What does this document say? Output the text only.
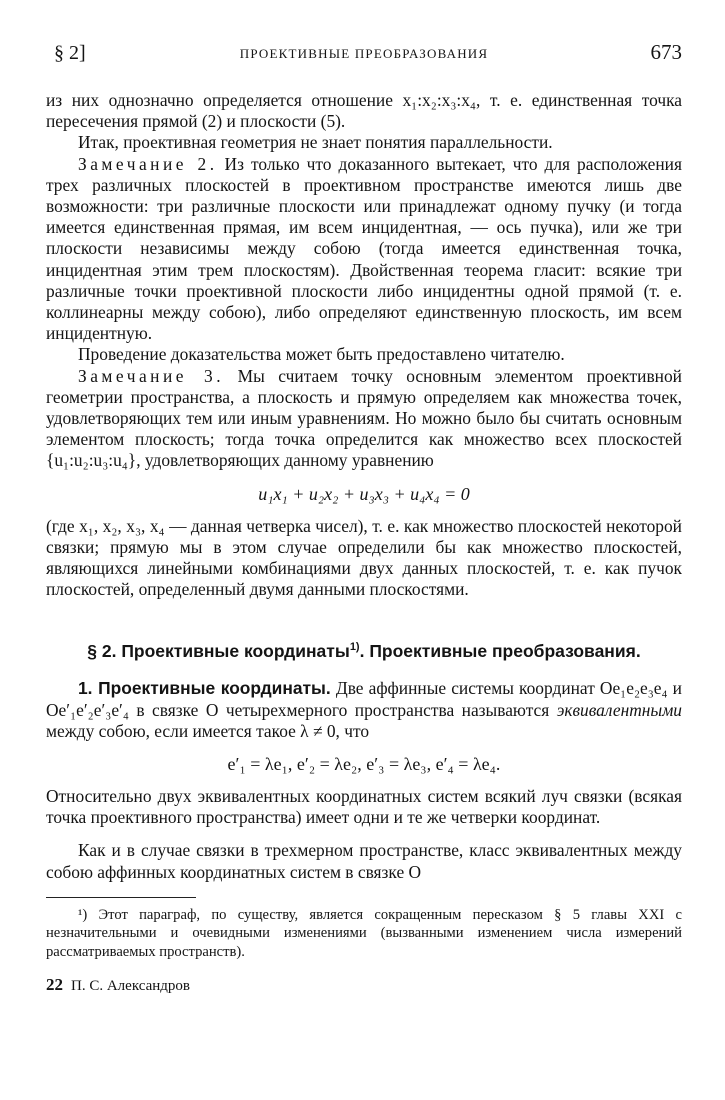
§ 2]	ПРОЕКТИВНЫЕ ПРЕОБРАЗОВАНИЯ	673

из них однозначно определяется отношение x₁:x₂:x₃:x₄, т. е. единственная точка пересечения прямой (2) и плоскости (5).

Итак, проективная геометрия не знает понятия параллельности.

Замечание 2. Из только что доказанного вытекает, что для расположения трех различных плоскостей в проективном пространстве имеются лишь две возможности: три различные плоскости или принадлежат одному пучку (и тогда имеется единственная прямая, им всем инцидентная, — ось пучка), или же три плоскости независимы между собою (тогда имеется единственная точка, инцидентная этим трем плоскостям). Двойственная теорема гласит: всякие три различные точки проективной плоскости либо инцидентны одной прямой (т. е. коллинеарны между собою), либо определяют единственную плоскость, им всем инцидентную.

Проведение доказательства может быть предоставлено читателю.

Замечание 3. Мы считаем точку основным элементом проективной геометрии пространства, а плоскость и прямую определяем как множества точек, удовлетворяющих тем или иным уравнениям. Но можно было бы считать основным элементом плоскость; тогда точка определится как множество всех плоскостей {u₁:u₂:u₃:u₄}, удовлетворяющих данному уравнению

u₁x₁ + u₂x₂ + u₃x₃ + u₄x₄ = 0

(где x₁, x₂, x₃, x₄ — данная четверка чисел), т. е. как множество плоскостей некоторой связки; прямую мы в этом случае определили бы как множество плоскостей, являющихся линейными комбинациями двух данных плоскостей, т. е. как пучок плоскостей, определенный двумя данными плоскостями.

§ 2. Проективные координаты$^{1)}$. Проективные преобразования.

1. Проективные координаты. Две аффинные системы координат Oe₁e₂e₃e₄ и Oe′₁e′₂e′₃e′₄ в связке O четырехмерного пространства называются эквивалентными между собою, если имеется такое λ ≠ 0, что

e′₁ = λe₁, e′₂ = λe₂, e′₃ = λe₃, e′₄ = λe₄.

Относительно двух эквивалентных координатных систем всякий луч связки (всякая точка проективного пространства) имеет одни и те же четверки координат.

Как и в случае связки в трехмерном пространстве, класс эквивалентных между собою аффинных координатных систем в связке O

¹) Этот параграф, по существу, является сокращенным пересказом § 5 главы XXI с незначительными и очевидными изменениями (вызванными изменением числа измерений рассматриваемых пространств).

22 П. С. Александров
